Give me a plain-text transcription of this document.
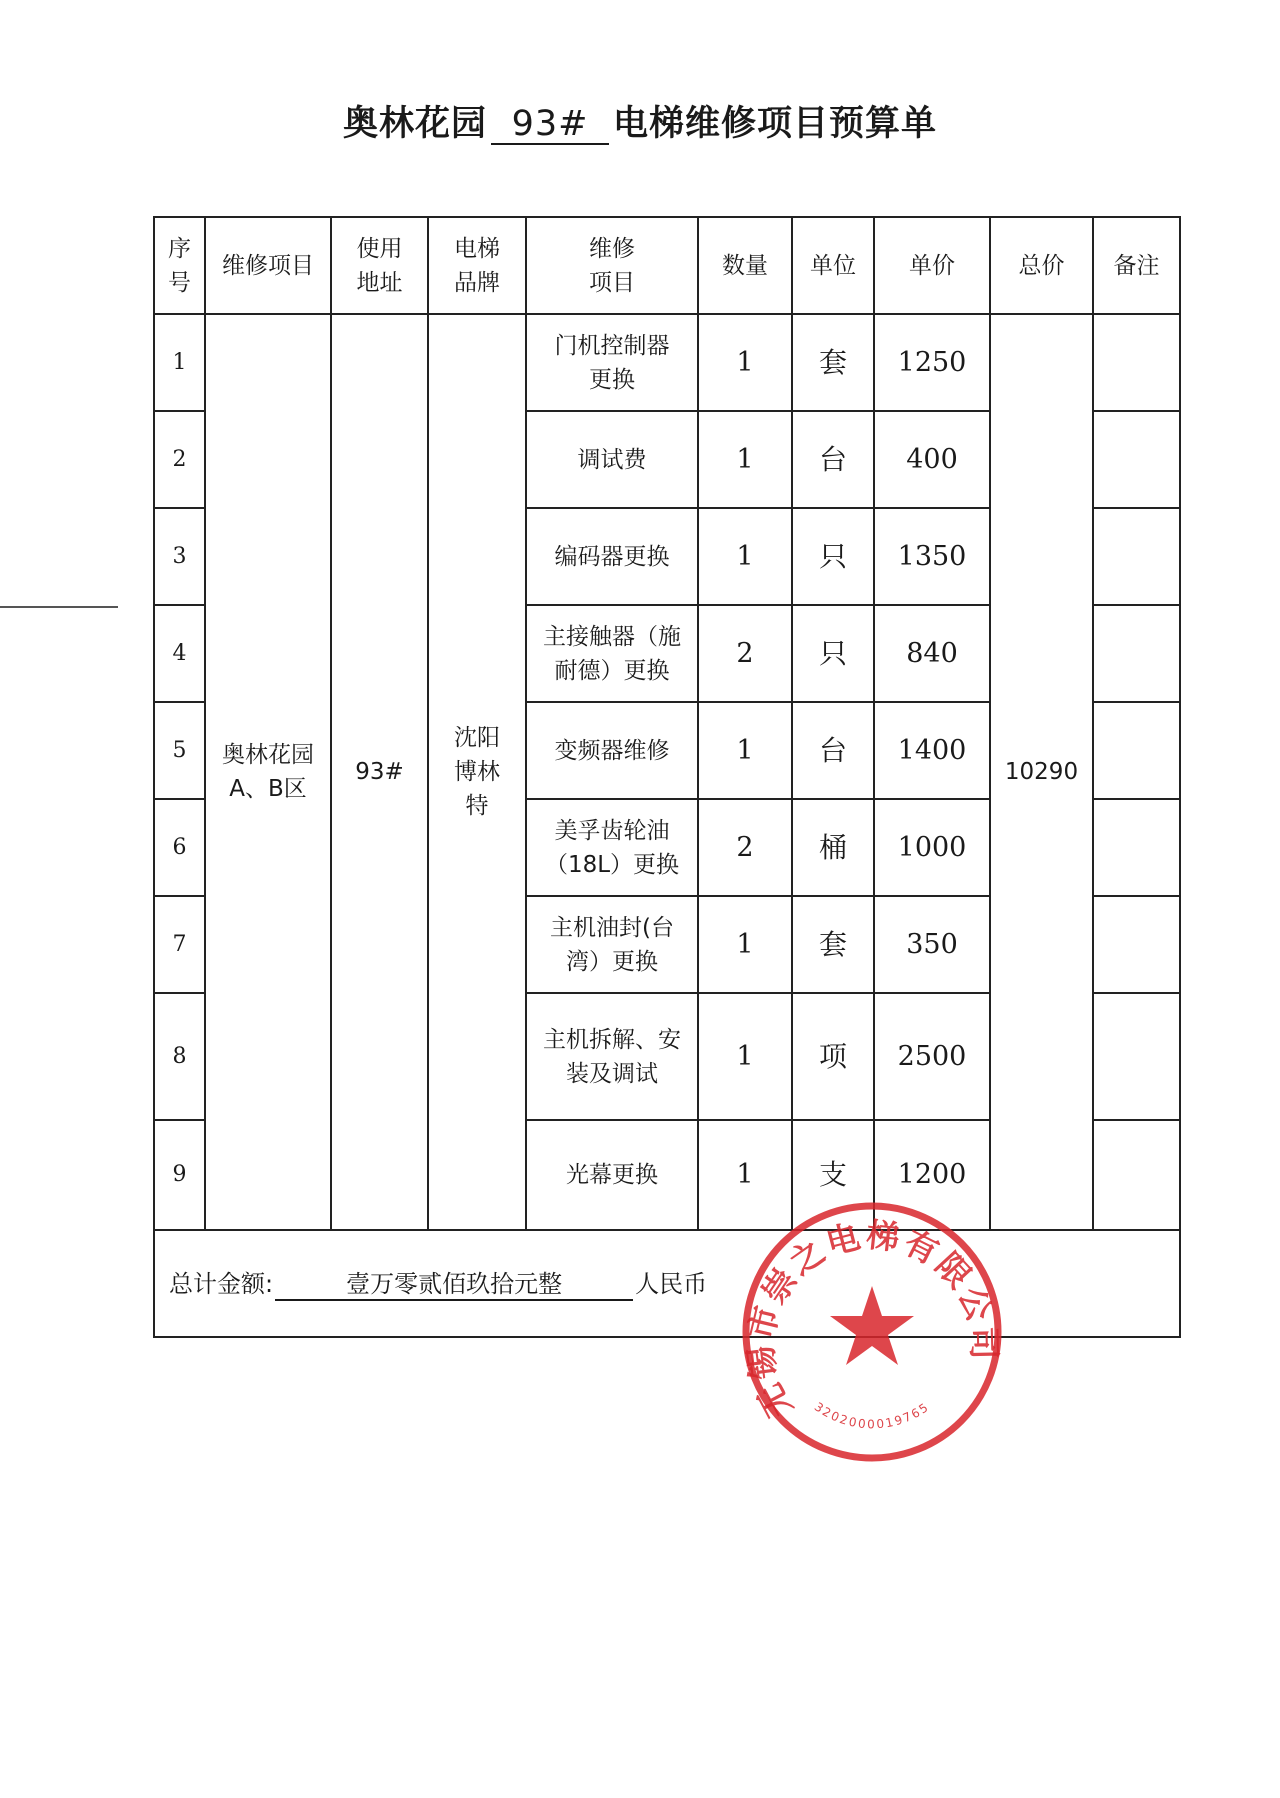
奥林花园 93# 电梯维修项目预算单
序号	维修项目	使用地址	电梯品牌	维修项目	数量	单位	单价	总价	备注
1	奥林花园 A、B区	93#	沈阳博林特	门机控制器更换	1	套	1250	10290	
2				调试费	1	台	400		
3				编码器更换	1	只	1350		
4				主接触器（施耐德）更换	2	只	840		
5				变频器维修	1	台	1400		
6				美孚齿轮油（18L）更换	2	桶	1000		
7				主机油封(台湾）更换	1	套	350		
8				主机拆解、安装及调试	1	项	2500		
9				光幕更换	1	支	1200		
总计金额: 壹万零贰佰玖拾元整 人民币									
无锡市崇之电梯有限公司
3202000019765
